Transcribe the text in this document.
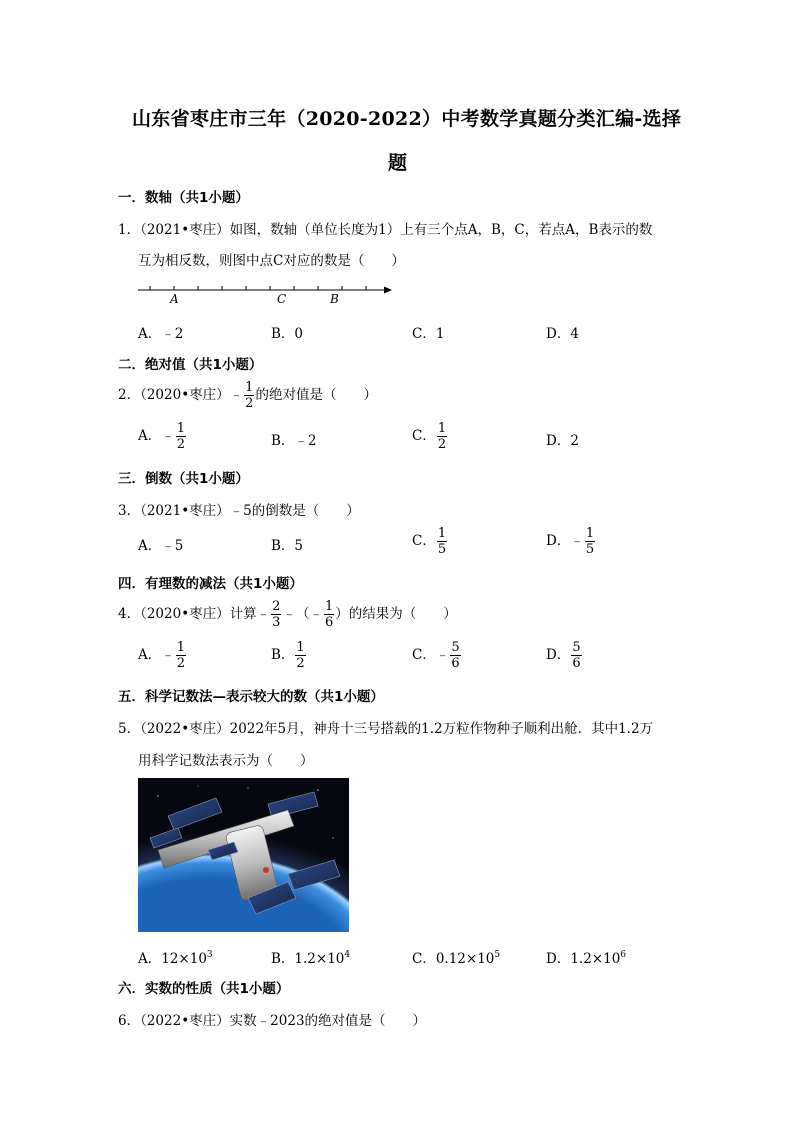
山东省枣庄市三年（2020-2022）中考数学真题分类汇编-选择
题
一．数轴（共1小题）
1．（2021•枣庄）如图，数轴（单位长度为1）上有三个点A，B，C，若点A，B表示的数
互为相反数，则图中点C对应的数是（　　）
A	C	B
A．﹣2	B．0	C．1	D．4
二．绝对值（共1小题）
2．（2020•枣庄）﹣ $\frac{1}{2}$ 的绝对值是（　　）
A．﹣ $\frac{1}{2}$	B．﹣2	C． $\frac{1}{2}$	D．2
三．倒数（共1小题）
3．（2021•枣庄）﹣5的倒数是（　　）
A．﹣5	B．5	C． $\frac{1}{5}$	D．﹣ $\frac{1}{5}$
四．有理数的减法（共1小题）
4．（2020•枣庄）计算﹣ $\frac{2}{3}$ ﹣（﹣ $\frac{1}{6}$ ）的结果为（　　）
A．﹣ $\frac{1}{2}$	B． $\frac{1}{2}$	C．﹣ $\frac{5}{6}$	D． $\frac{5}{6}$
五．科学记数法—表示较大的数（共1小题）
5．（2022•枣庄）2022年5月，神舟十三号搭载的1.2万粒作物种子顺利出舱．其中1.2万
用科学记数法表示为（　　）
A．$12\times 10^3$	B．$1.2\times 10^4$	C．$0.12\times 10^5$	D．$1.2\times 10^6$
六．实数的性质（共1小题）
6．（2022•枣庄）实数﹣2023的绝对值是（　　）
